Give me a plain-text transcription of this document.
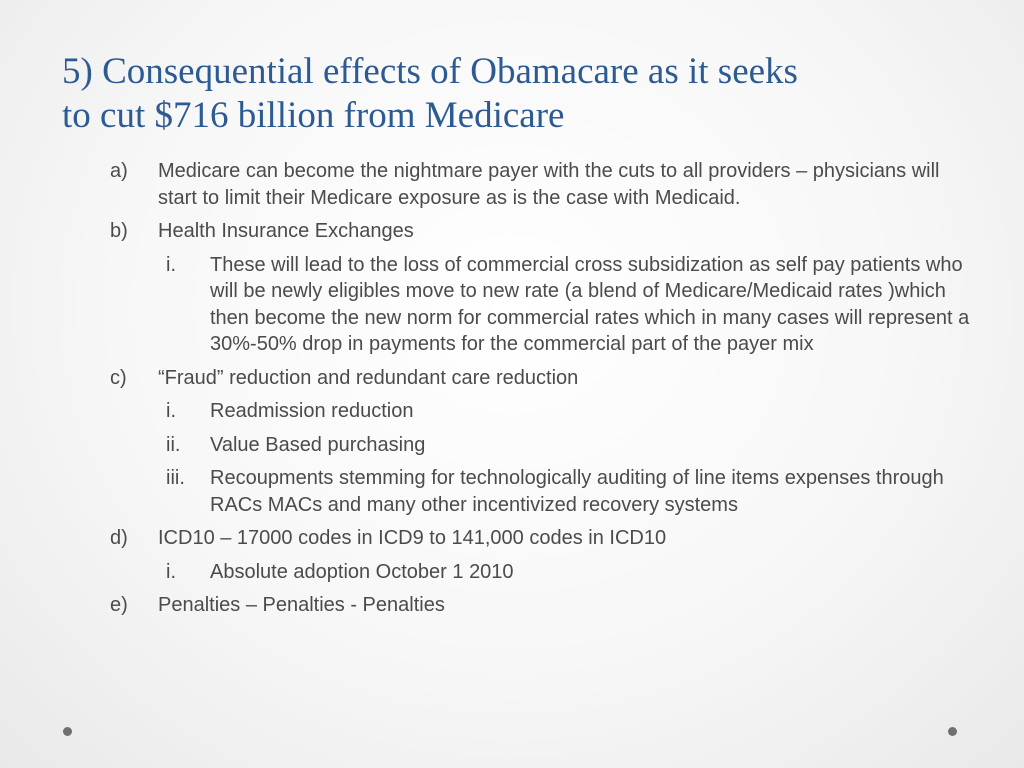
5) Consequential effects of Obamacare as it seeks
to cut $716 billion from Medicare
a) Medicare can become the nightmare payer with the cuts to all providers – physicians will start to limit their Medicare exposure as is the case with Medicaid.
b) Health Insurance Exchanges
i. These will lead to the loss of commercial cross subsidization as self pay patients who will be newly eligibles move to new rate (a blend of Medicare/Medicaid rates )which then become the new norm for commercial rates which in many cases will represent a 30%-50% drop in payments for the commercial part of the payer mix
c) “Fraud” reduction and redundant care reduction
i. Readmission reduction
ii. Value Based purchasing
iii. Recoupments stemming for technologically auditing of line items expenses through RACs MACs and many other incentivized recovery systems
d) ICD10 – 17000 codes in ICD9 to 141,000 codes in ICD10
i. Absolute adoption October 1 2010
e) Penalties – Penalties - Penalties
